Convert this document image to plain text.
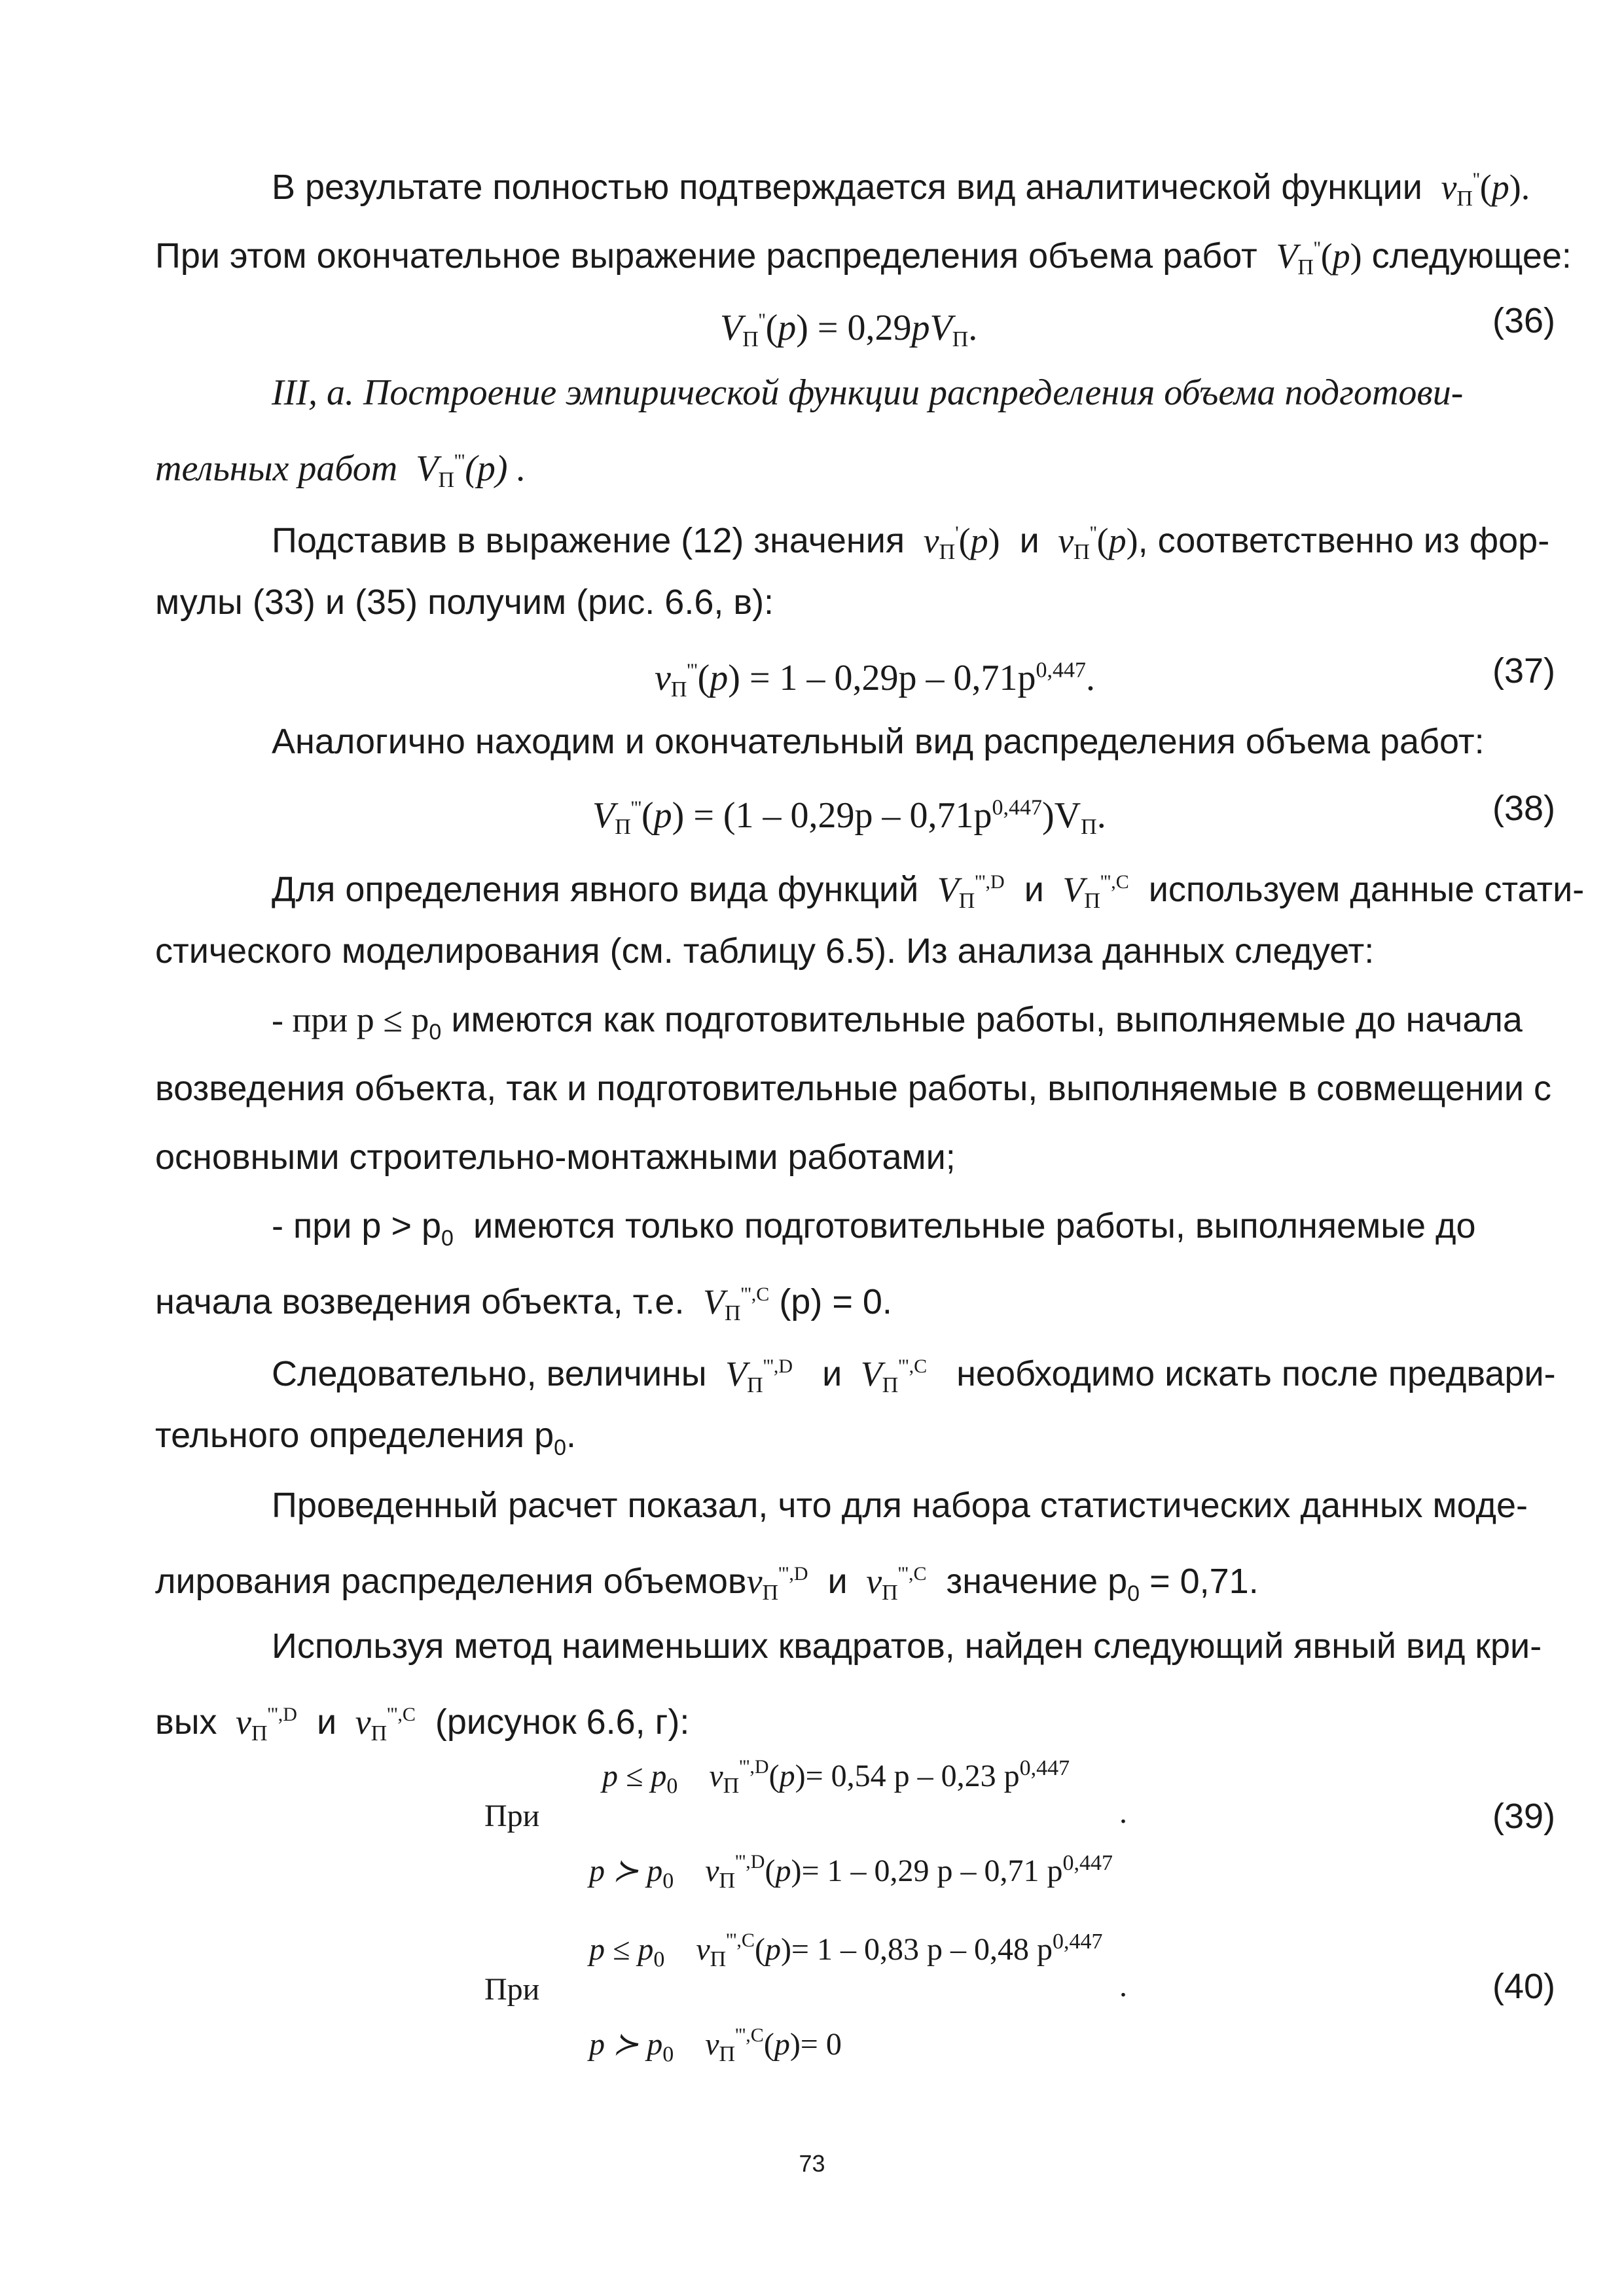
В результате полностью подтверждается вид аналитической функции  vП''(p).
При этом окончательное выражение распределения объема работ  VП''(p) следующее:
VП''(p) = 0,29pVП.	(36)
III, а. Построение эмпирической функции распределения объема подготови-
тельных работ  VП'''(p) .
Подставив в выражение (12) значения  vП'(p) и  vП''(p), соответственно из фор-
мулы (33) и (35) получим (рис. 6.6, в):
$vП'''(p) = 1 - 0,29p - 0,71p^{0,447}$.	(37)
Аналогично находим и окончательный вид распределения объема работ:
$VП'''(p) = (1 - 0,29p - 0,71p^{0,447})VП$.	(38)
Для определения явного вида функций  $VП^{''',D}$ и  $VП^{''',C}$ используем данные стати-
стического моделирования (см. таблицу 6.5). Из анализа данных следует:
- при $p \le p_0$ имеются как подготовительные работы, выполняемые до начала
возведения объекта, так и подготовительные работы, выполняемые в совмещении с
основными строительно-монтажными работами;
- при $p > p_0$ имеются только подготовительные работы, выполняемые до
начала возведения объекта, т.е.  $VП^{''',C}$ (p) = 0.
Следовательно, величины  $VП^{''',D}$ и  $VП^{''',C}$ необходимо искать после предвари-
тельного определения $p_0$.
Проведенный расчет показал, что для набора статистических данных моде-
лирования распределения объемовvП$^{''',D}$ и  $vП^{''',C}$ значение $p_0 = 0,71$.
Используя метод наименьших квадратов, найден следующий явный вид кри-
вых  $vП^{''',D}$ и  $vП^{''',C}$ (рисунок 6.6, г):
$p \le p_0$    $v_П^{''',D}(p)= 0,54$ p – 0,23 $p^{0,447}$
При	.
p ≻ $p_0$    $v_П^{''',D}(p)= 1 - 0,29$ p – 0,71 $p^{0,447}$
(39)
$p \le p_0$    $v_П^{''',C}(p)= 1 - 0,83$ p – 0,48 $p^{0,447}$
При	.
p ≻ $p_0$    $v_П^{''',C}(p)= 0$
(40)
73
